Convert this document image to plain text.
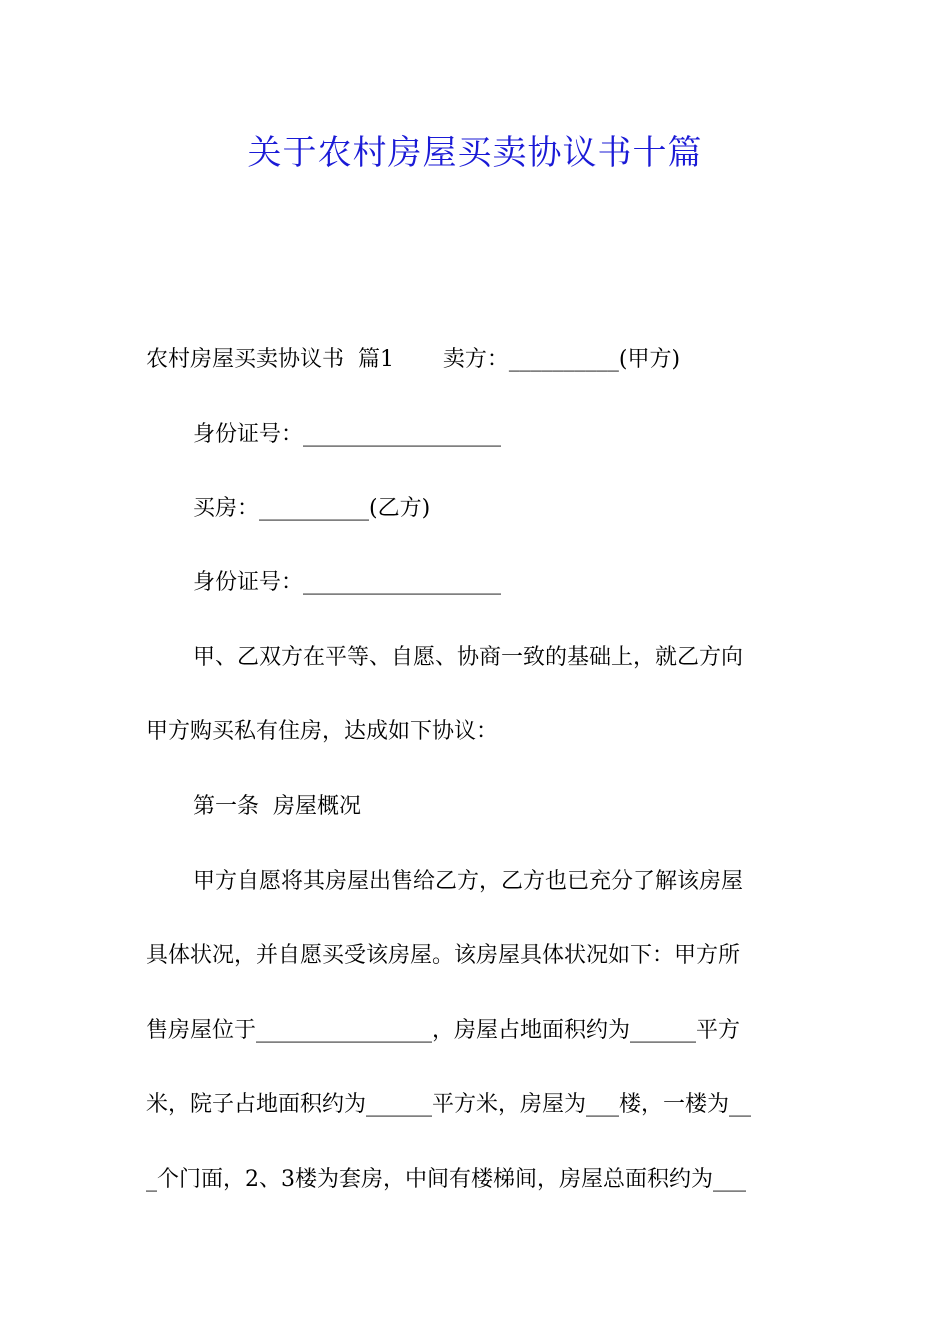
关于农村房屋买卖协议书十篇

农村房屋买卖协议书  篇1       卖方：__________(甲方)

身份证号：__________________

买房：__________(乙方)

身份证号：__________________

甲、乙双方在平等、自愿、协商一致的基础上，就乙方向

甲方购买私有住房，达成如下协议：

第一条  房屋概况

甲方自愿将其房屋出售给乙方，乙方也已充分了解该房屋

具体状况，并自愿买受该房屋。该房屋具体状况如下：甲方所

售房屋位于________________，房屋占地面积约为______平方

米，院子占地面积约为______平方米，房屋为___楼，一楼为__

_个门面，2、3楼为套房，中间有楼梯间，房屋总面积约为___
